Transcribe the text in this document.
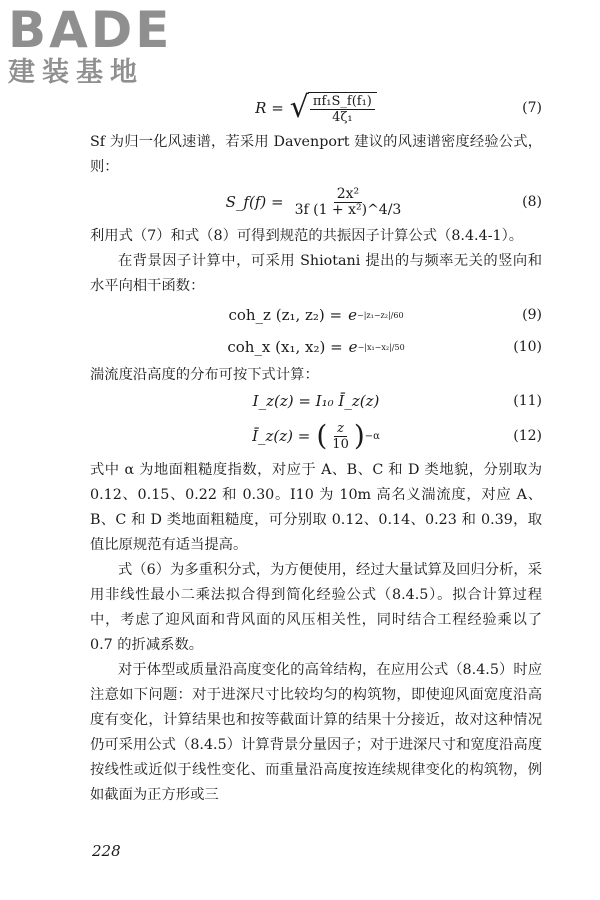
BADE
建装基地
R = √ $\frac{\text{πf₁S\_f(f₁)}}{\text{4ζ₁}}$	(7)

Sf 为归一化风速谱，若采用 Davenport 建议的风速谱密度经验公式，则：

S_f(f) = $\frac{\text{2x²}}{\text{3f (1 + x²)\textasciicircum{}4/3}}$	(8)

利用式（7）和式（8）可得到规范的共振因子计算公式（8.4.4-1）。

在背景因子计算中，可采用 Shiotani 提出的与频率无关的竖向和水平向相干函数：

coh_z (z₁, z₂) = e −|z₁−z₂|/60	(9)
coh_x (x₁, x₂) = e −|x₁−x₂|/50	(10)

湍流度沿高度的分布可按下式计算：

I_z(z) = I₁₀ Ī_z(z)	(11)
Ī_z(z) = ( $\frac{z}{10}$ ) −α	(12)

式中 α 为地面粗糙度指数，对应于 A、B、C 和 D 类地貌，分别取为 0.12、0.15、0.22 和 0.30。I10 为 10m 高名义湍流度，对应 A、B、C 和 D 类地面粗糙度，可分别取 0.12、0.14、0.23 和 0.39，取值比原规范有适当提高。

式（6）为多重积分式，为方便使用，经过大量试算及回归分析，采用非线性最小二乘法拟合得到简化经验公式（8.4.5）。拟合计算过程中，考虑了迎风面和背风面的风压相关性，同时结合工程经验乘以了 0.7 的折减系数。

对于体型或质量沿高度变化的高耸结构，在应用公式（8.4.5）时应注意如下问题：对于进深尺寸比较均匀的构筑物，即使迎风面宽度沿高度有变化，计算结果也和按等截面计算的结果十分接近，故对这种情况仍可采用公式（8.4.5）计算背景分量因子；对于进深尺寸和宽度沿高度按线性或近似于线性变化、而重量沿高度按连续规律变化的构筑物，例如截面为正方形或三

228
